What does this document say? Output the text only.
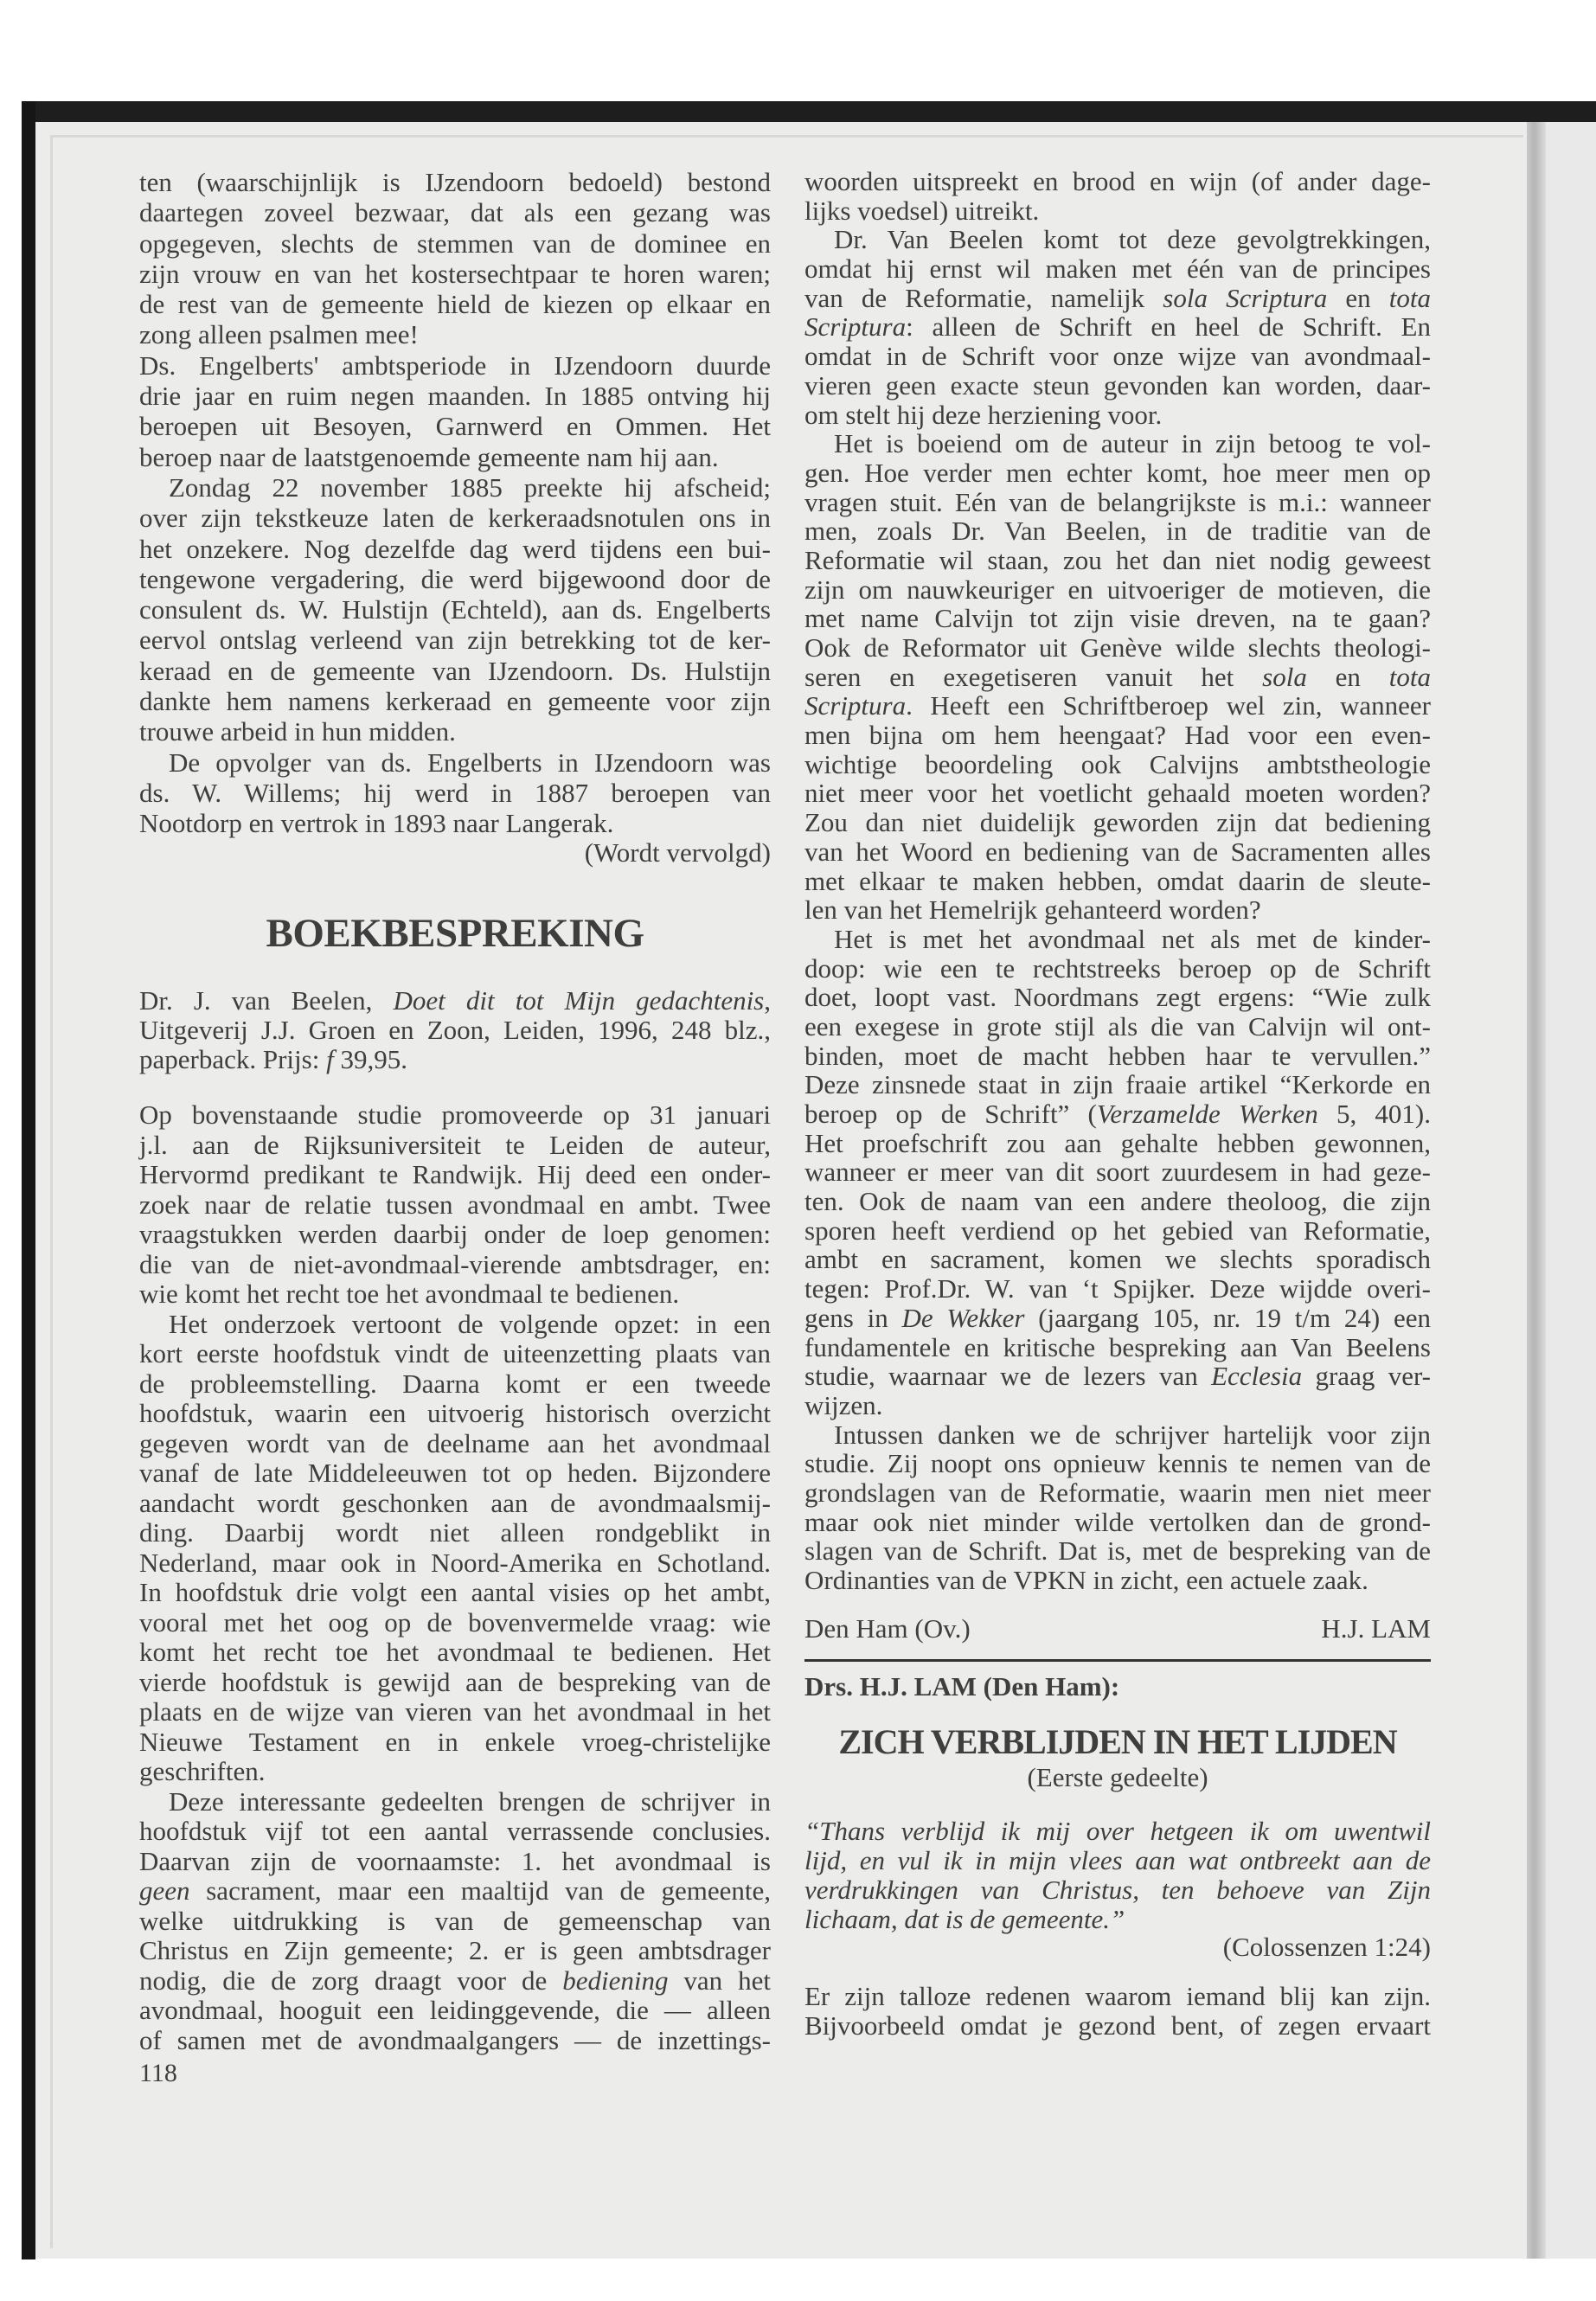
ten (waarschijnlijk is IJzendoorn bedoeld) bestond
daartegen zoveel bezwaar, dat als een gezang was
opgegeven, slechts de stemmen van de dominee en
zijn vrouw en van het kostersechtpaar te horen waren;
de rest van de gemeente hield de kiezen op elkaar en
zong alleen psalmen mee!
Ds. Engelberts' ambtsperiode in IJzendoorn duurde
drie jaar en ruim negen maanden. In 1885 ontving hij
beroepen uit Besoyen, Garnwerd en Ommen. Het
beroep naar de laatstgenoemde gemeente nam hij aan.
Zondag 22 november 1885 preekte hij afscheid;
over zijn tekstkeuze laten de kerkeraadsnotulen ons in
het onzekere. Nog dezelfde dag werd tijdens een bui-
tengewone vergadering, die werd bijgewoond door de
consulent ds. W. Hulstijn (Echteld), aan ds. Engelberts
eervol ontslag verleend van zijn betrekking tot de ker-
keraad en de gemeente van IJzendoorn. Ds. Hulstijn
dankte hem namens kerkeraad en gemeente voor zijn
trouwe arbeid in hun midden.
De opvolger van ds. Engelberts in IJzendoorn was
ds. W. Willems; hij werd in 1887 beroepen van
Nootdorp en vertrok in 1893 naar Langerak.
(Wordt vervolgd)
BOEKBESPREKING
Dr. J. van Beelen, Doet dit tot Mijn gedachtenis,
Uitgeverij J.J. Groen en Zoon, Leiden, 1996, 248 blz.,
paperback. Prijs: f 39,95.
Op bovenstaande studie promoveerde op 31 januari
j.l. aan de Rijksuniversiteit te Leiden de auteur,
Hervormd predikant te Randwijk. Hij deed een onder-
zoek naar de relatie tussen avondmaal en ambt. Twee
vraagstukken werden daarbij onder de loep genomen:
die van de niet-avondmaal-vierende ambtsdrager, en:
wie komt het recht toe het avondmaal te bedienen.
Het onderzoek vertoont de volgende opzet: in een
kort eerste hoofdstuk vindt de uiteenzetting plaats van
de probleemstelling. Daarna komt er een tweede
hoofdstuk, waarin een uitvoerig historisch overzicht
gegeven wordt van de deelname aan het avondmaal
vanaf de late Middeleeuwen tot op heden. Bijzondere
aandacht wordt geschonken aan de avondmaalsmij-
ding. Daarbij wordt niet alleen rondgeblikt in
Nederland, maar ook in Noord-Amerika en Schotland.
In hoofdstuk drie volgt een aantal visies op het ambt,
vooral met het oog op de bovenvermelde vraag: wie
komt het recht toe het avondmaal te bedienen. Het
vierde hoofdstuk is gewijd aan de bespreking van de
plaats en de wijze van vieren van het avondmaal in het
Nieuwe Testament en in enkele vroeg-christelijke
geschriften.
Deze interessante gedeelten brengen de schrijver in
hoofdstuk vijf tot een aantal verrassende conclusies.
Daarvan zijn de voornaamste: 1. het avondmaal is
geen sacrament, maar een maaltijd van de gemeente,
welke uitdrukking is van de gemeenschap van
Christus en Zijn gemeente; 2. er is geen ambtsdrager
nodig, die de zorg draagt voor de bediening van het
avondmaal, hooguit een leidinggevende, die — alleen
of samen met de avondmaalgangers — de inzettings-
118
woorden uitspreekt en brood en wijn (of ander dage-
lijks voedsel) uitreikt.
Dr. Van Beelen komt tot deze gevolgtrekkingen,
omdat hij ernst wil maken met één van de principes
van de Reformatie, namelijk sola Scriptura en tota
Scriptura: alleen de Schrift en heel de Schrift. En
omdat in de Schrift voor onze wijze van avondmaal-
vieren geen exacte steun gevonden kan worden, daar-
om stelt hij deze herziening voor.
Het is boeiend om de auteur in zijn betoog te vol-
gen. Hoe verder men echter komt, hoe meer men op
vragen stuit. Eén van de belangrijkste is m.i.: wanneer
men, zoals Dr. Van Beelen, in de traditie van de
Reformatie wil staan, zou het dan niet nodig geweest
zijn om nauwkeuriger en uitvoeriger de motieven, die
met name Calvijn tot zijn visie dreven, na te gaan?
Ook de Reformator uit Genève wilde slechts theologi-
seren en exegetiseren vanuit het sola en tota
Scriptura. Heeft een Schriftberoep wel zin, wanneer
men bijna om hem heengaat? Had voor een even-
wichtige beoordeling ook Calvijns ambtstheologie
niet meer voor het voetlicht gehaald moeten worden?
Zou dan niet duidelijk geworden zijn dat bediening
van het Woord en bediening van de Sacramenten alles
met elkaar te maken hebben, omdat daarin de sleute-
len van het Hemelrijk gehanteerd worden?
Het is met het avondmaal net als met de kinder-
doop: wie een te rechtstreeks beroep op de Schrift
doet, loopt vast. Noordmans zegt ergens: “Wie zulk
een exegese in grote stijl als die van Calvijn wil ont-
binden, moet de macht hebben haar te vervullen.”
Deze zinsnede staat in zijn fraaie artikel “Kerkorde en
beroep op de Schrift” (Verzamelde Werken 5, 401).
Het proefschrift zou aan gehalte hebben gewonnen,
wanneer er meer van dit soort zuurdesem in had geze-
ten. Ook de naam van een andere theoloog, die zijn
sporen heeft verdiend op het gebied van Reformatie,
ambt en sacrament, komen we slechts sporadisch
tegen: Prof.Dr. W. van ‘t Spijker. Deze wijdde overi-
gens in De Wekker (jaargang 105, nr. 19 t/m 24) een
fundamentele en kritische bespreking aan Van Beelens
studie, waarnaar we de lezers van Ecclesia graag ver-
wijzen.
Intussen danken we de schrijver hartelijk voor zijn
studie. Zij noopt ons opnieuw kennis te nemen van de
grondslagen van de Reformatie, waarin men niet meer
maar ook niet minder wilde vertolken dan de grond-
slagen van de Schrift. Dat is, met de bespreking van de
Ordinanties van de VPKN in zicht, een actuele zaak.
Den Ham (Ov.)	H.J. LAM
Drs. H.J. LAM (Den Ham):
ZICH VERBLIJDEN IN HET LIJDEN
(Eerste gedeelte)
“Thans verblijd ik mij over hetgeen ik om uwentwil
lijd, en vul ik in mijn vlees aan wat ontbreekt aan de
verdrukkingen van Christus, ten behoeve van Zijn
lichaam, dat is de gemeente.”
(Colossenzen 1:24)
Er zijn talloze redenen waarom iemand blij kan zijn.
Bijvoorbeeld omdat je gezond bent, of zegen ervaart
